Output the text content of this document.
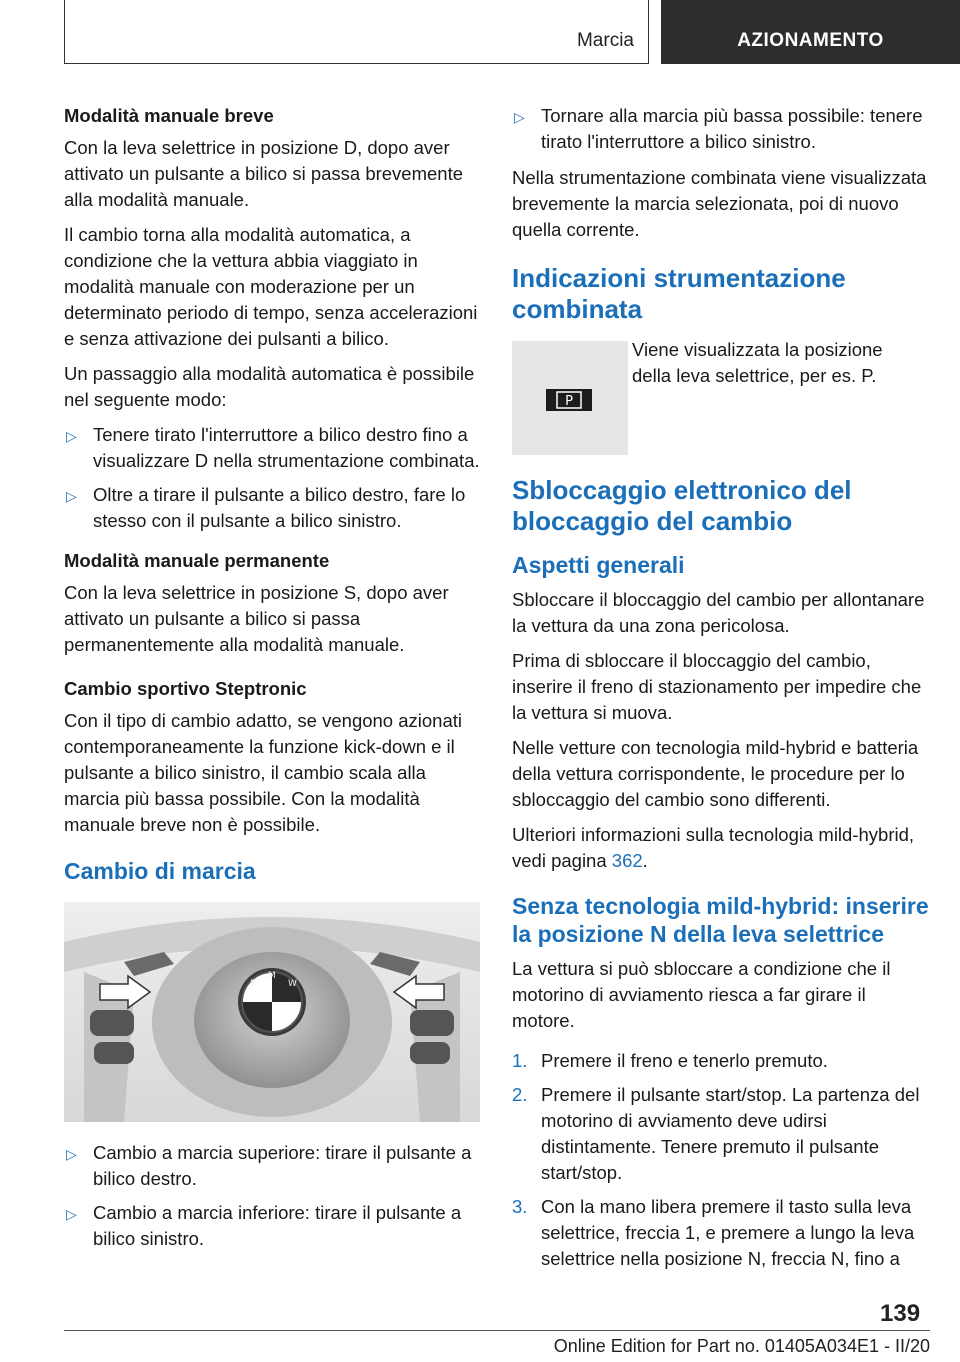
Marcia	AZIONAMENTO

Modalità manuale breve

Con la leva selettrice in posizione D, dopo aver attivato un pulsante a bilico si passa brevemente alla modalità manuale.

Il cambio torna alla modalità automatica, a condizione che la vettura abbia viaggiato in modalità manuale con moderazione per un determinato periodo di tempo, senza accelerazioni e senza attivazione dei pulsanti a bilico.

Un passaggio alla modalità automatica è possibile nel seguente modo:

▷ Tenere tirato l'interruttore a bilico destro fino a visualizzare D nella strumentazione combinata.
▷ Oltre a tirare il pulsante a bilico destro, fare lo stesso con il pulsante a bilico sinistro.

Modalità manuale permanente

Con la leva selettrice in posizione S, dopo aver attivato un pulsante a bilico si passa permanentemente alla modalità manuale.

Cambio sportivo Steptronic

Con il tipo di cambio adatto, se vengono azionati contemporaneamente la funzione kick-down e il pulsante a bilico sinistro, il cambio scala alla marcia più bassa possibile. Con la modalità manuale breve non è possibile.

Cambio di marcia
B
M
W
▷ Cambio a marcia superiore: tirare il pulsante a bilico destro.
▷ Cambio a marcia inferiore: tirare il pulsante a bilico sinistro.
▷ Tornare alla marcia più bassa possibile: tenere tirato l'interruttore a bilico sinistro.

Nella strumentazione combinata viene visualizzata brevemente la marcia selezionata, poi di nuovo quella corrente.

Indicazioni strumentazione combinata
P
Viene visualizzata la posizione della leva selettrice, per es. P.
Sbloccaggio elettronico del bloccaggio del cambio
Aspetti generali

Sbloccare il bloccaggio del cambio per allontanare la vettura da una zona pericolosa.

Prima di sbloccare il bloccaggio del cambio, inserire il freno di stazionamento per impedire che la vettura si muova.

Nelle vetture con tecnologia mild-hybrid e batteria della vettura corrispondente, le procedure per lo sbloccaggio del cambio sono differenti.

Ulteriori informazioni sulla tecnologia mild-hybrid, vedi pagina 362.

Senza tecnologia mild-hybrid: inserire la posizione N della leva selettrice

La vettura si può sbloccare a condizione che il motorino di avviamento riesca a far girare il motore.

1. Premere il freno e tenerlo premuto.
2. Premere il pulsante start/stop. La partenza del motorino di avviamento deve udirsi distintamente. Tenere premuto il pulsante start/stop.
3. Con la mano libera premere il tasto sulla leva selettrice, freccia 1, e premere a lungo la leva selettrice nella posizione N, freccia N, fino a
139
Online Edition for Part no. 01405A034E1 - II/20
